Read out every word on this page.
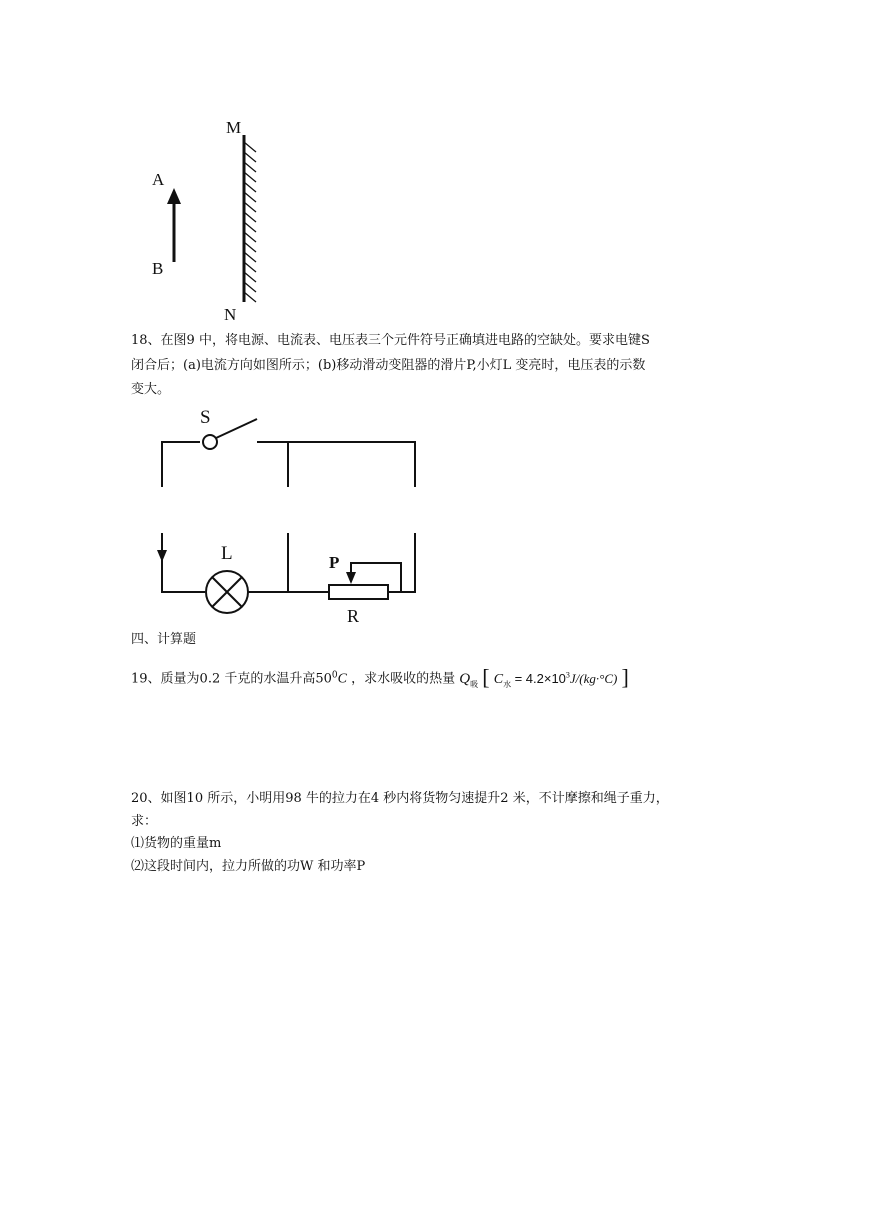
M
N
A
B
18、在图9 中，将电源、电流表、电压表三个元件符号正确填进电路的空缺处。要求电键S
闭合后；(a)电流方向如图所示；(b)移动滑动变阻器的滑片P,小灯L 变亮时，电压表的示数
变大。
S
L	P
R
四、计算题
19、质量为0.2 千克的水温升高$50^0C$ ，求水吸收的热量 $Q_吸$ [ $C_水 = 4.2\times 10^3J/(kg\cdot^\circ C)$ ]
20、如图10 所示，小明用98 牛的拉力在4 秒内将货物匀速提升2 米，不计摩擦和绳子重力，
求：
⑴货物的重量m
⑵这段时间内，拉力所做的功W 和功率P
